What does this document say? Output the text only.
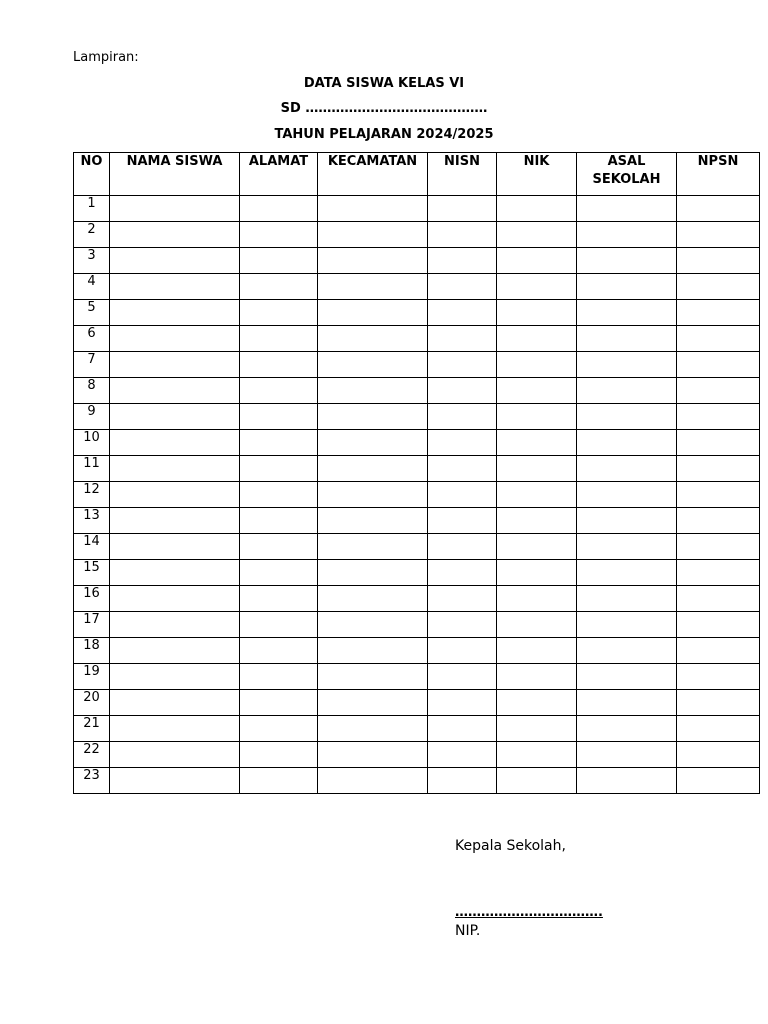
Lampiran:
DATA SISWA KELAS VI
SD ……………………………………
TAHUN PELAJARAN 2024/2025
NO	NAMA SISWA	ALAMAT	KECAMATAN	NISN	NIK	ASAL SEKOLAH	NPSN
1							
2							
3							
4							
5							
6							
7							
8							
9							
10							
11							
12							
13							
14							
15							
16							
17							
18							
19							
20							
21							
22							
23							
Kepala Sekolah,
…………………………….
NIP.
